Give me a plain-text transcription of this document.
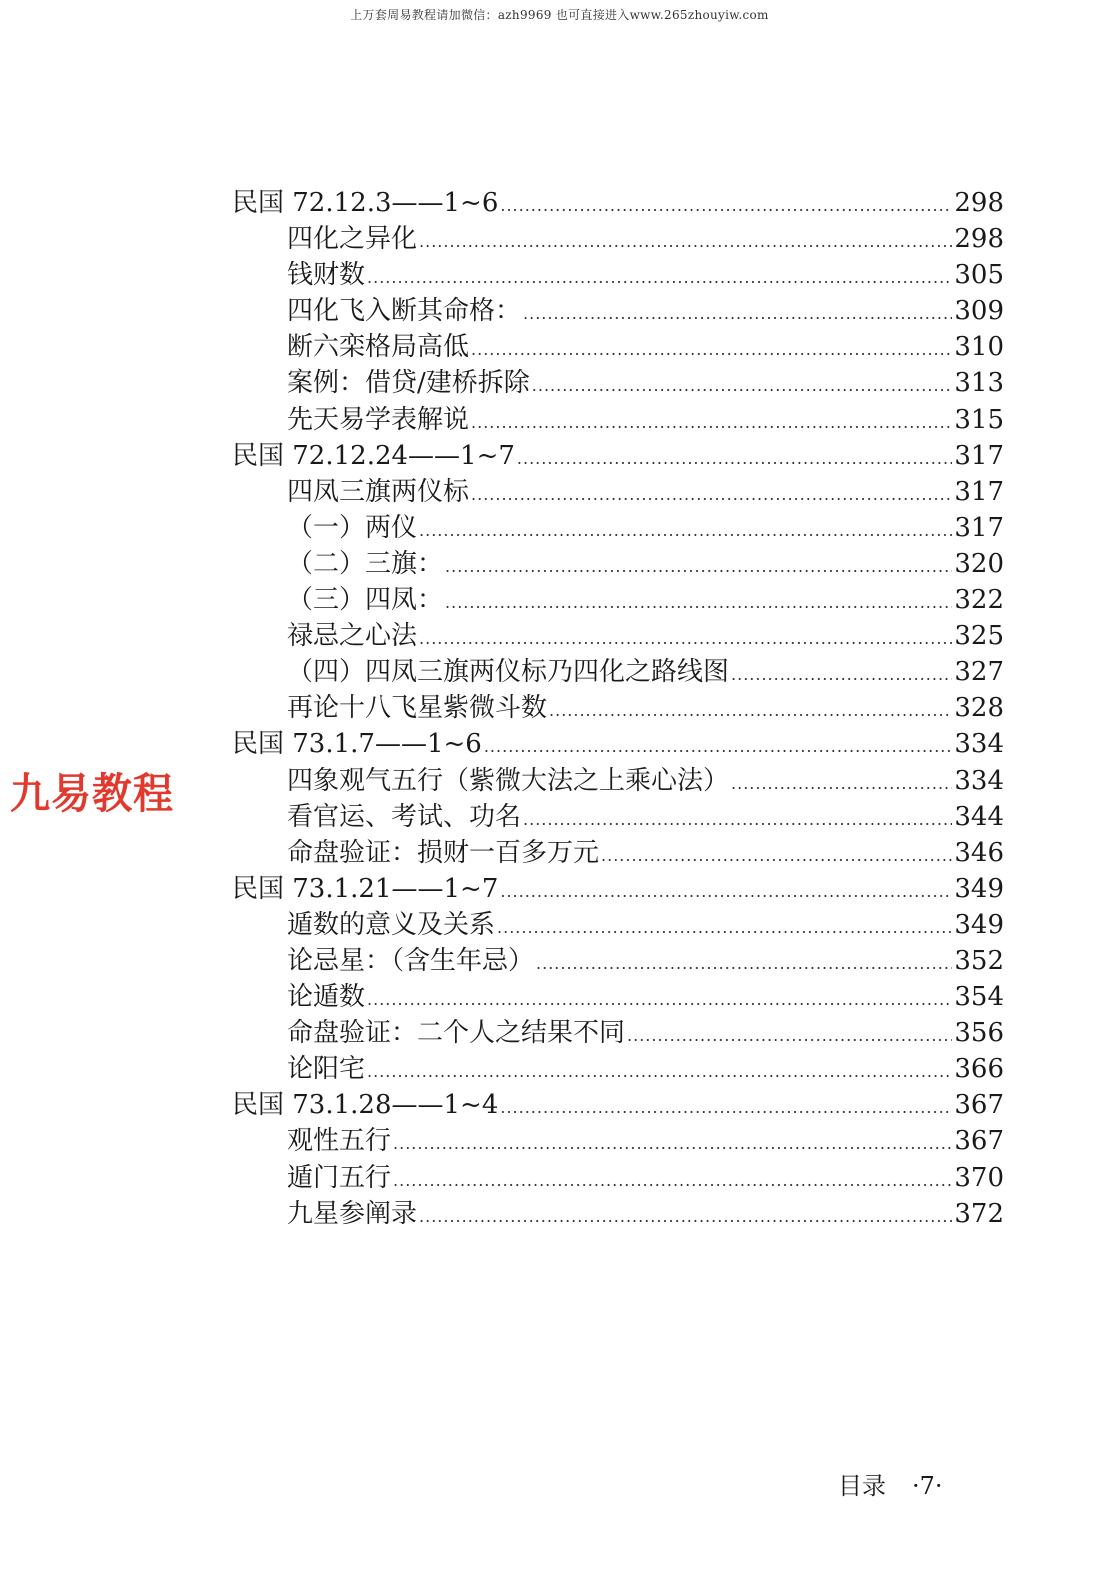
上万套周易教程请加微信：azh9969 也可直接进入www.265zhouyiw.com
九易教程
民国 72.12.3——1~6 .....	298
四化之异化 .....	298
钱财数 .....	305
四化飞入断其命格： .....	309
断六栾格局高低 .....	310
案例：借贷/建桥拆除 .....	313
先天易学表解说 .....	315
民国 72.12.24——1~7 .....	317
四凤三旗两仪标 .....	317
（一）两仪 .....	317
（二）三旗： .....	320
（三）四凤： .....	322
禄忌之心法 .....	325
（四）四凤三旗两仪标乃四化之路线图 .....	327
再论十八飞星紫微斗数 .....	328
民国 73.1.7——1~6 .....	334
四象观气五行（紫微大法之上乘心法） .....	334
看官运、考试、功名 .....	344
命盘验证：损财一百多万元 .....	346
民国 73.1.21——1~7 .....	349
遁数的意义及关系 .....	349
论忌星：（含生年忌） .....	352
论遁数 .....	354
命盘验证：二个人之结果不同 .....	356
论阳宅 .....	366
民国 73.1.28——1~4 .....	367
观性五行 .....	367
遁门五行 .....	370
九星参阐录 .....	372
目录 ·7·
